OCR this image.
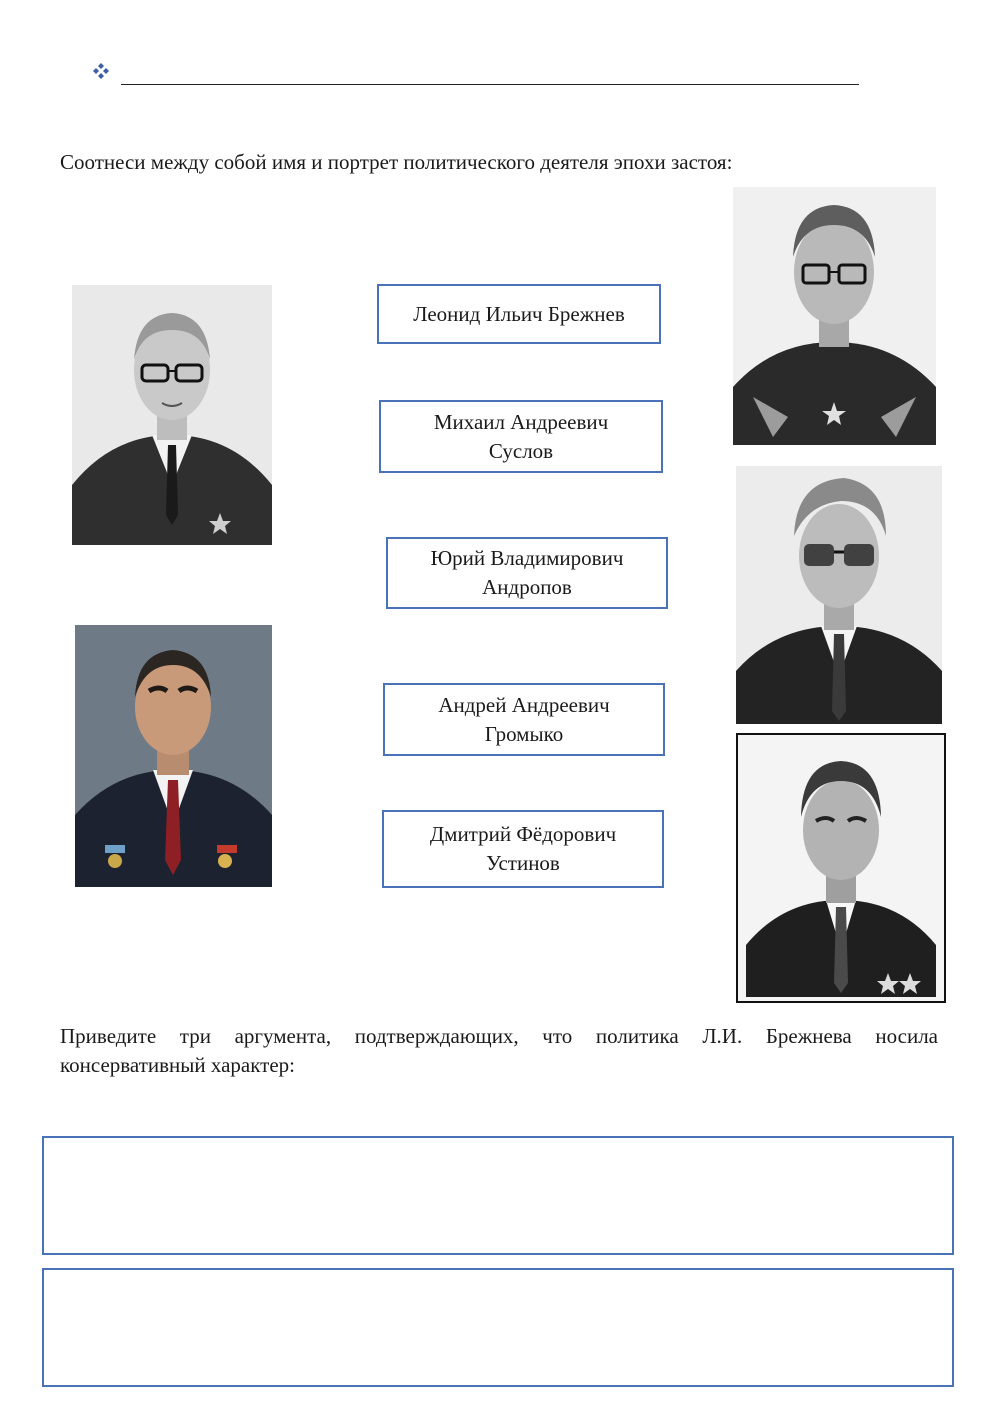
Соотнеси между собой имя и портрет политического деятеля эпохи застоя:
Леонид Ильич Брежнев
Михаил Андреевич
Суслов
Юрий Владимирович
Андропов
Андрей Андреевич
Громыко
Дмитрий Фёдорович
Устинов
Приведите три аргумента, подтверждающих, что политика Л.И. Брежнева носила консервативный характер:
